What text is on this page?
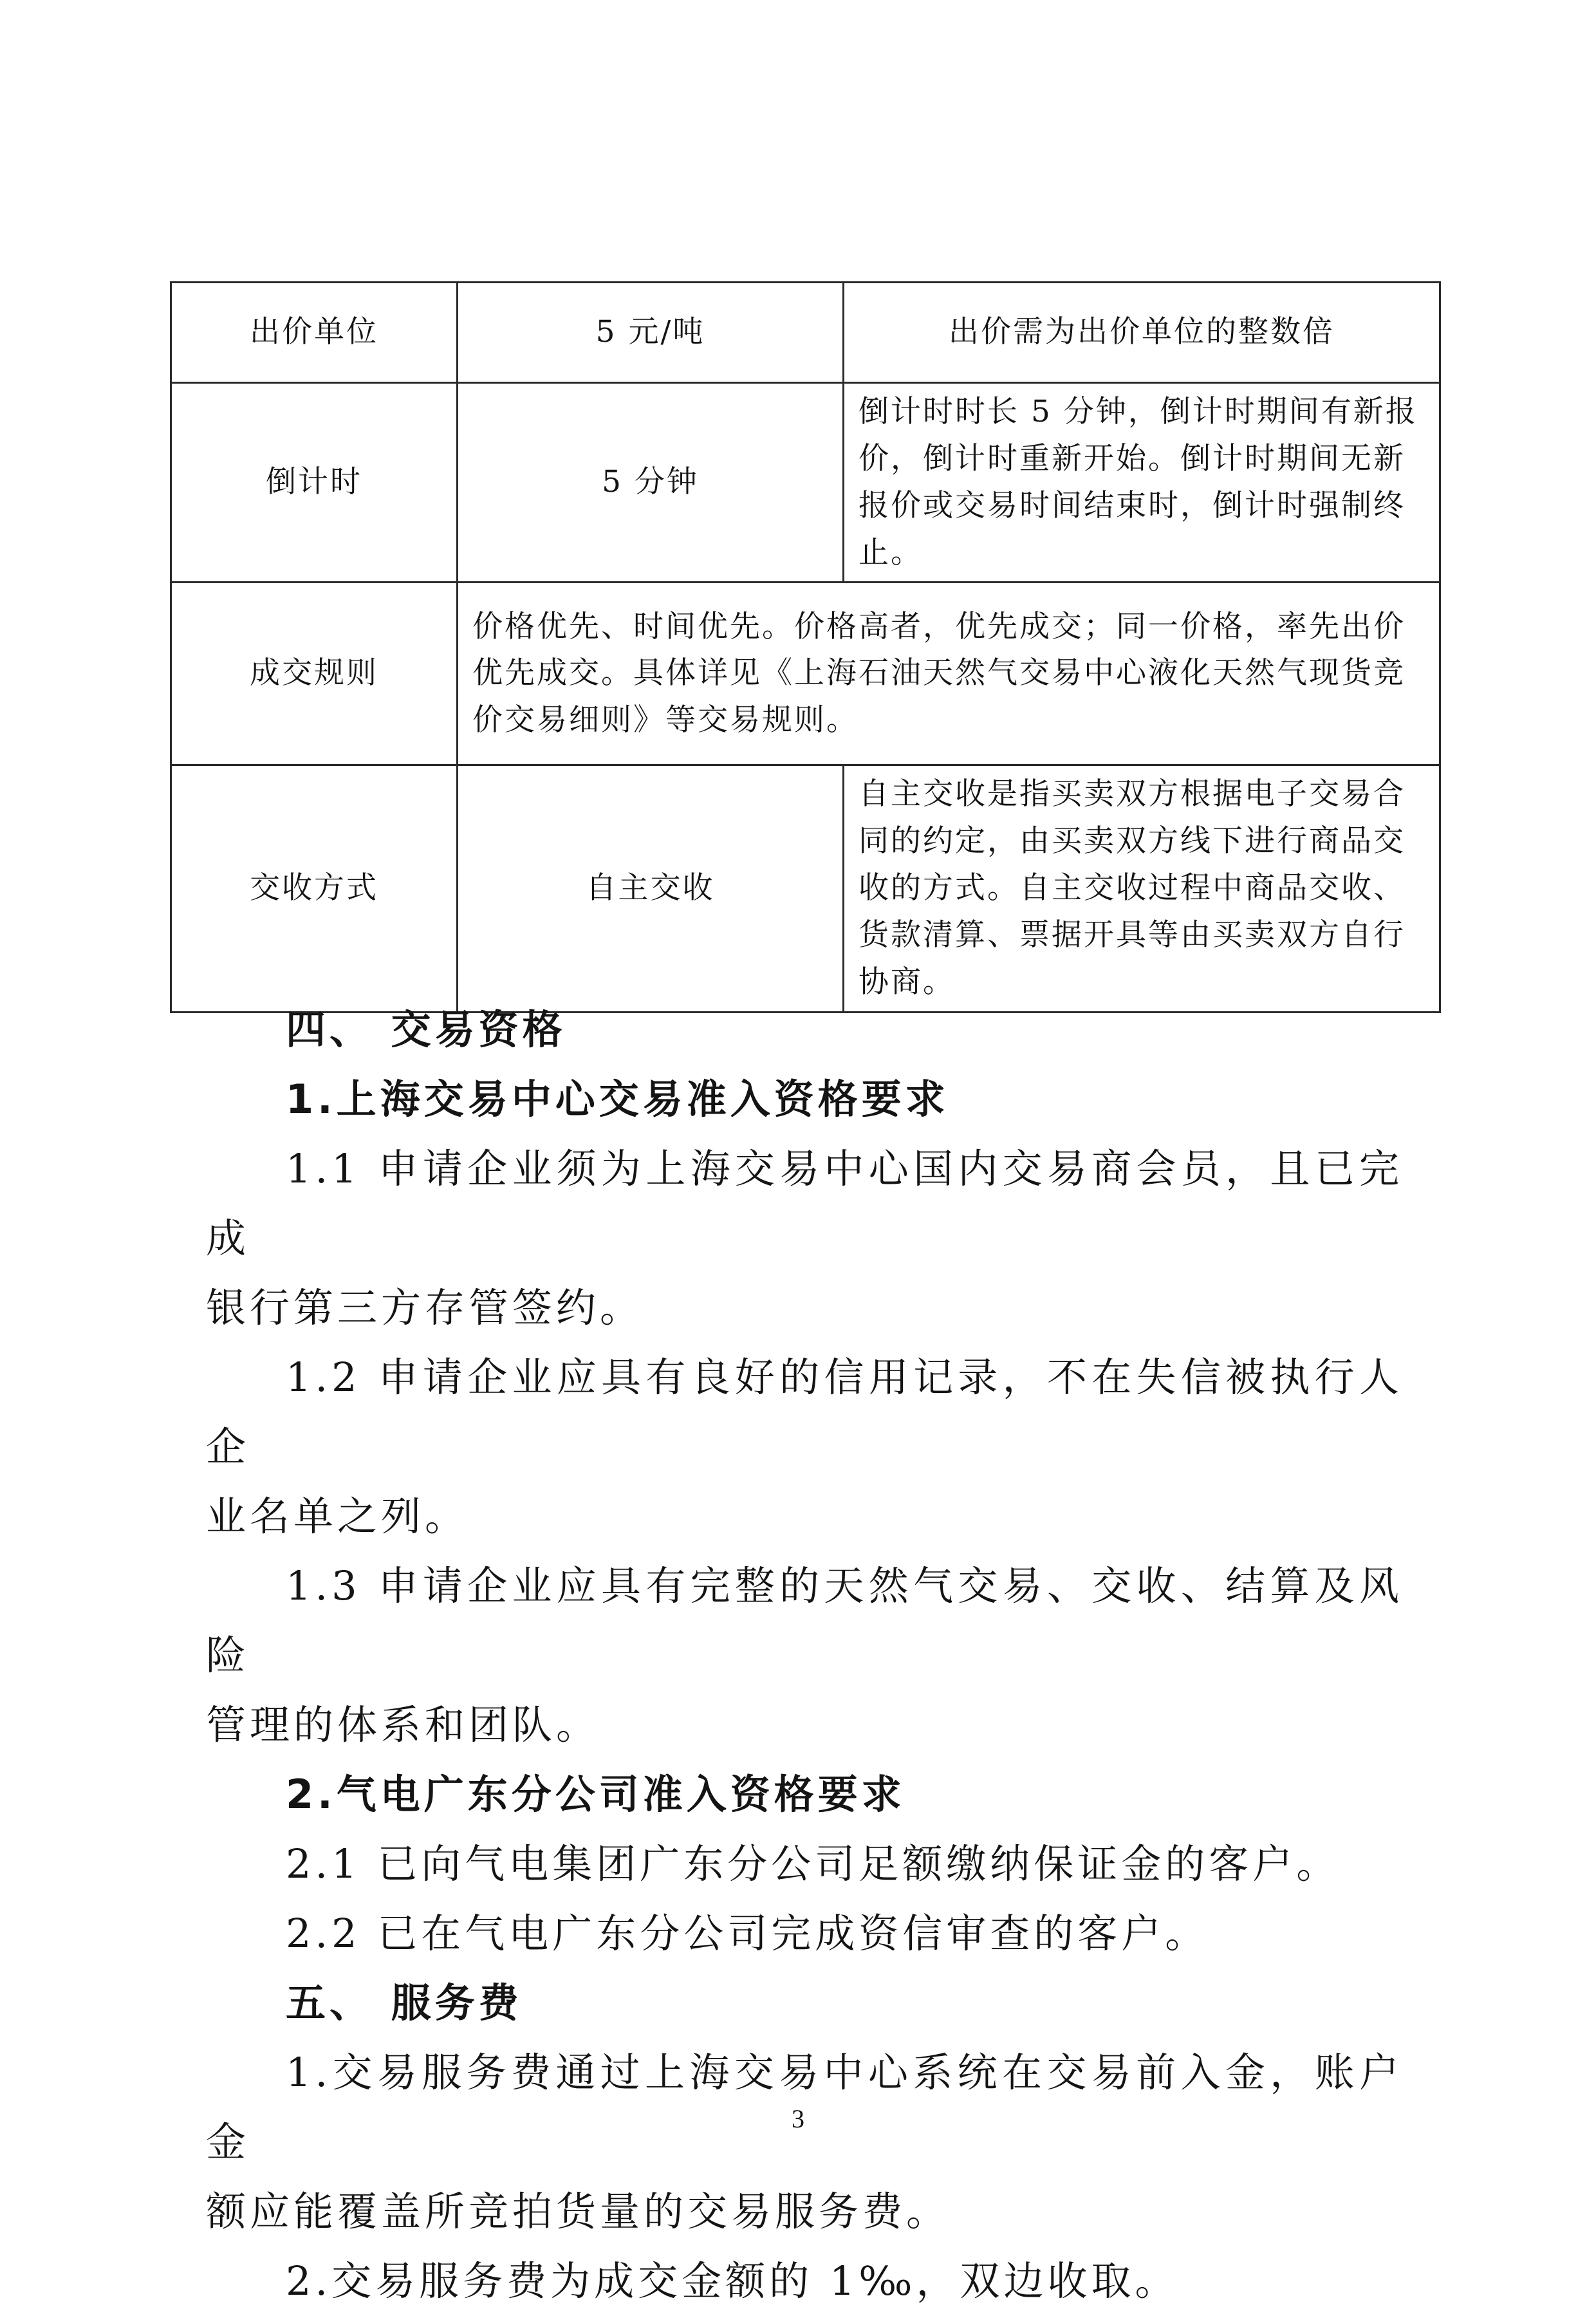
出价单位	5 元/吨	出价需为出价单位的整数倍
倒计时	5 分钟	倒计时时长 5 分钟，倒计时期间有新报价，倒计时重新开始。倒计时期间无新报价或交易时间结束时，倒计时强制终止。
成交规则	价格优先、时间优先。价格高者，优先成交；同一价格，率先出价优先成交。具体详见《上海石油天然气交易中心液化天然气现货竞价交易细则》等交易规则。	
交收方式	自主交收	自主交收是指买卖双方根据电子交易合同的约定，由买卖双方线下进行商品交收的方式。自主交收过程中商品交收、货款清算、票据开具等由买卖双方自行协商。

四、 交易资格

1.上海交易中心交易准入资格要求

1.1 申请企业须为上海交易中心国内交易商会员，且已完成

银行第三方存管签约。

1.2 申请企业应具有良好的信用记录，不在失信被执行人企

业名单之列。

1.3 申请企业应具有完整的天然气交易、交收、结算及风险

管理的体系和团队。

2.气电广东分公司准入资格要求

2.1 已向气电集团广东分公司足额缴纳保证金的客户。

2.2 已在气电广东分公司完成资信审查的客户。

五、 服务费

1.交易服务费通过上海交易中心系统在交易前入金，账户金

额应能覆盖所竞拍货量的交易服务费。

2.交易服务费为成交金额的 1‰，双边收取。

3
